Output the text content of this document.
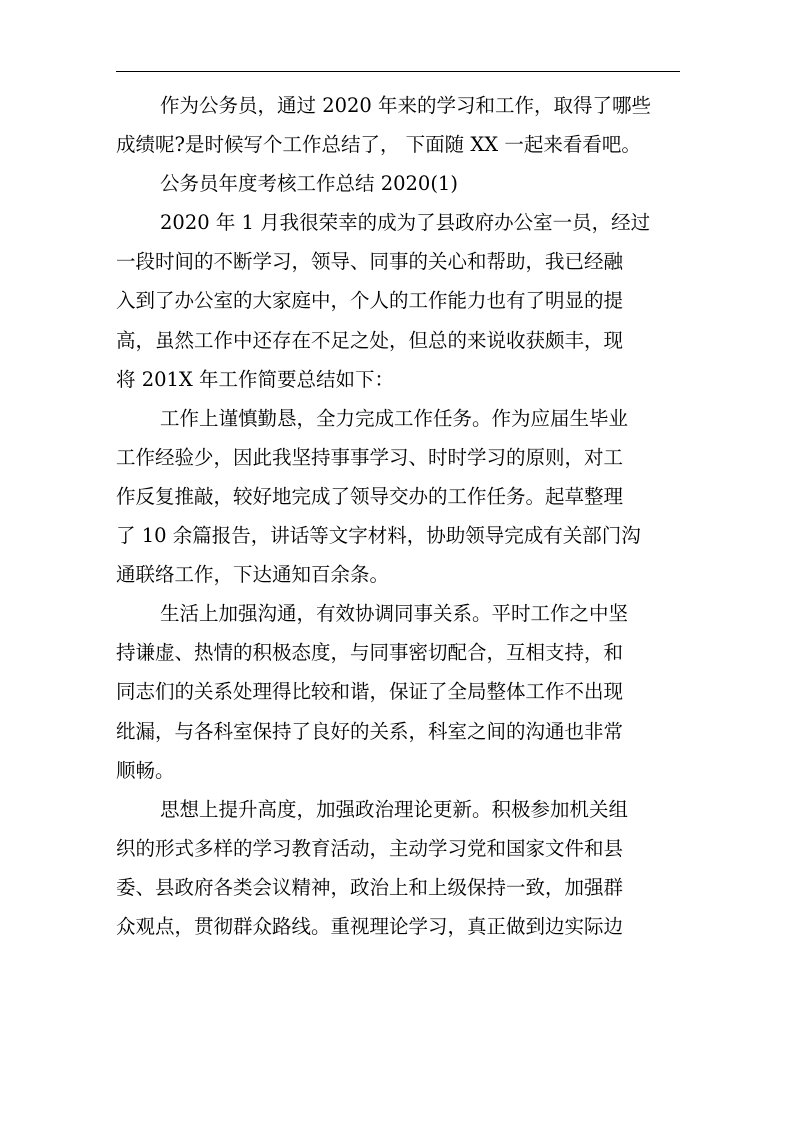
作为公务员，通过 2020 年来的学习和工作，取得了哪些
成绩呢?是时候写个工作总结了， 下面随 XX 一起来看看吧。
公务员年度考核工作总结 2020(1)
2020 年 1 月我很荣幸的成为了县政府办公室一员，经过
一段时间的不断学习，领导、同事的关心和帮助，我已经融
入到了办公室的大家庭中，个人的工作能力也有了明显的提
高，虽然工作中还存在不足之处，但总的来说收获颇丰，现
将 201X 年工作简要总结如下：
工作上谨慎勤恳，全力完成工作任务。作为应届生毕业
工作经验少，因此我坚持事事学习、时时学习的原则，对工
作反复推敲，较好地完成了领导交办的工作任务。起草整理
了 10 余篇报告，讲话等文字材料，协助领导完成有关部门沟
通联络工作，下达通知百余条。
生活上加强沟通，有效协调同事关系。平时工作之中坚
持谦虚、热情的积极态度，与同事密切配合，互相支持，和
同志们的关系处理得比较和谐，保证了全局整体工作不出现
纰漏，与各科室保持了良好的关系，科室之间的沟通也非常
顺畅。
思想上提升高度，加强政治理论更新。积极参加机关组
织的形式多样的学习教育活动，主动学习党和国家文件和县
委、县政府各类会议精神，政治上和上级保持一致，加强群
众观点，贯彻群众路线。重视理论学习，真正做到边实际边
